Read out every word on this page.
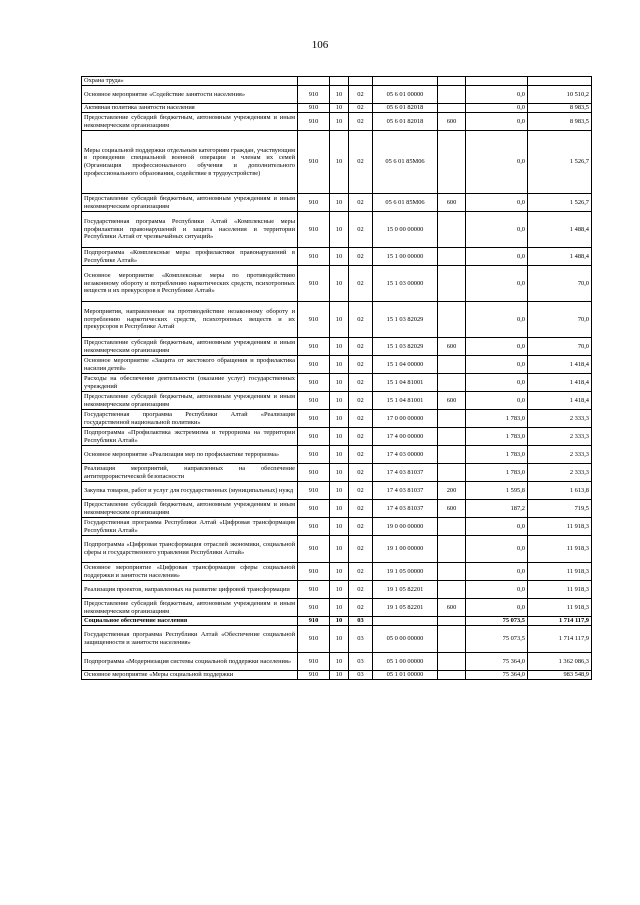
106
Охрана труда»							
Основное мероприятие «Содействие занятости населения»	910	10	02	05 6 01 00000		0,0	10 510,2
Активная политика занятости населения	910	10	02	05 6 01 82018		0,0	8 983,5
Предоставление субсидий бюджетным, автономным учреждениям и иным некоммерческим организациям	910	10	02	05 6 01 82018	600	0,0	8 983,5
Меры социальной поддержки отдельным категориям граждан, участвующим в проведении специальной военной операции и членам их семей (Организация профессионального обучения и дополнительного профессионального образования, содействие в трудоустройстве)	910	10	02	05 6 01 85M06		0,0	1 526,7
Предоставление субсидий бюджетным, автономным учреждениям и иным некоммерческим организациям	910	10	02	05 6 01 85M06	600	0,0	1 526,7
Государственная программа Республики Алтай «Комплексные меры профилактики правонарушений и защита населения и территории Республики Алтай от чрезвычайных ситуаций»	910	10	02	15 0 00 00000		0,0	1 488,4
Подпрограмма «Комплексные меры профилактики правонарушений в Республике Алтай»	910	10	02	15 1 00 00000		0,0	1 488,4
Основное мероприятие «Комплексные меры по противодействию незаконному обороту и потреблению наркотических средств, психотропных веществ и их прекурсоров в Республике Алтай»	910	10	02	15 1 03 00000		0,0	70,0
Мероприятия, направленные на противодействие незаконному обороту и потреблению наркотических средств, психотропных веществ и их прекурсоров в Республике Алтай	910	10	02	15 1 03 82029		0,0	70,0
Предоставление субсидий бюджетным, автономным учреждениям и иным некоммерческим организациям	910	10	02	15 1 03 82029	600	0,0	70,0
Основное мероприятие «Защита от жестокого обращения и профилактика насилия детей»	910	10	02	15 1 04 00000		0,0	1 418,4
Расходы на обеспечение деятельности (оказание услуг) государственных учреждений	910	10	02	15 1 04 81001		0,0	1 418,4
Предоставление субсидий бюджетным, автономным учреждениям и иным некоммерческим организациям	910	10	02	15 1 04 81001	600	0,0	1 418,4
Государственная программа Республики Алтай «Реализация государственной национальной политики»	910	10	02	17 0 00 00000		1 783,0	2 333,3
Подпрограмма «Профилактика экстремизма и терроризма на территории Республики Алтай»	910	10	02	17 4 00 00000		1 783,0	2 333,3
Основное мероприятие «Реализация мер по профилактике терроризма»	910	10	02	17 4 03 00000		1 783,0	2 333,3
Реализация мероприятий, направленных на обеспечение антитеррористической безопасности	910	10	02	17 4 03 81037		1 783,0	2 333,3
Закупка товаров, работ и услуг для государственных (муниципальных) нужд	910	10	02	17 4 03 81037	200	1 595,8	1 613,8
Предоставление субсидий бюджетным, автономным учреждениям и иным некоммерческим организациям	910	10	02	17 4 03 81037	600	187,2	719,5
Государственная программа Республики Алтай «Цифровая трансформация Республики Алтай»	910	10	02	19 0 00 00000		0,0	11 918,3
Подпрограмма «Цифровая трансформация отраслей экономики, социальной сферы и государственного управления Республики Алтай»	910	10	02	19 1 00 00000		0,0	11 918,3
Основное мероприятие «Цифровая трансформация сферы социальной поддержки и занятости населения»	910	10	02	19 1 05 00000		0,0	11 918,3
Реализация проектов, направленных на развитие цифровой трансформации	910	10	02	19 1 05 82201		0,0	11 918,3
Предоставление субсидий бюджетным, автономным учреждениям и иным некоммерческим организациям	910	10	02	19 1 05 82201	600	0,0	11 918,3
Социальное обеспечение населения	910	10	03			75 073,5	1 714 117,9
Государственная программа Республики Алтай «Обеспечение социальной защищенности и занятости населения»	910	10	03	05 0 00 00000		75 073,5	1 714 117,9
Подпрограмма «Модернизация системы социальной поддержки населения»	910	10	03	05 1 00 00000		75 364,0	1 362 086,3
Основное мероприятие «Меры социальной поддержки	910	10	03	05 1 01 00000		75 364,0	983 548,9
